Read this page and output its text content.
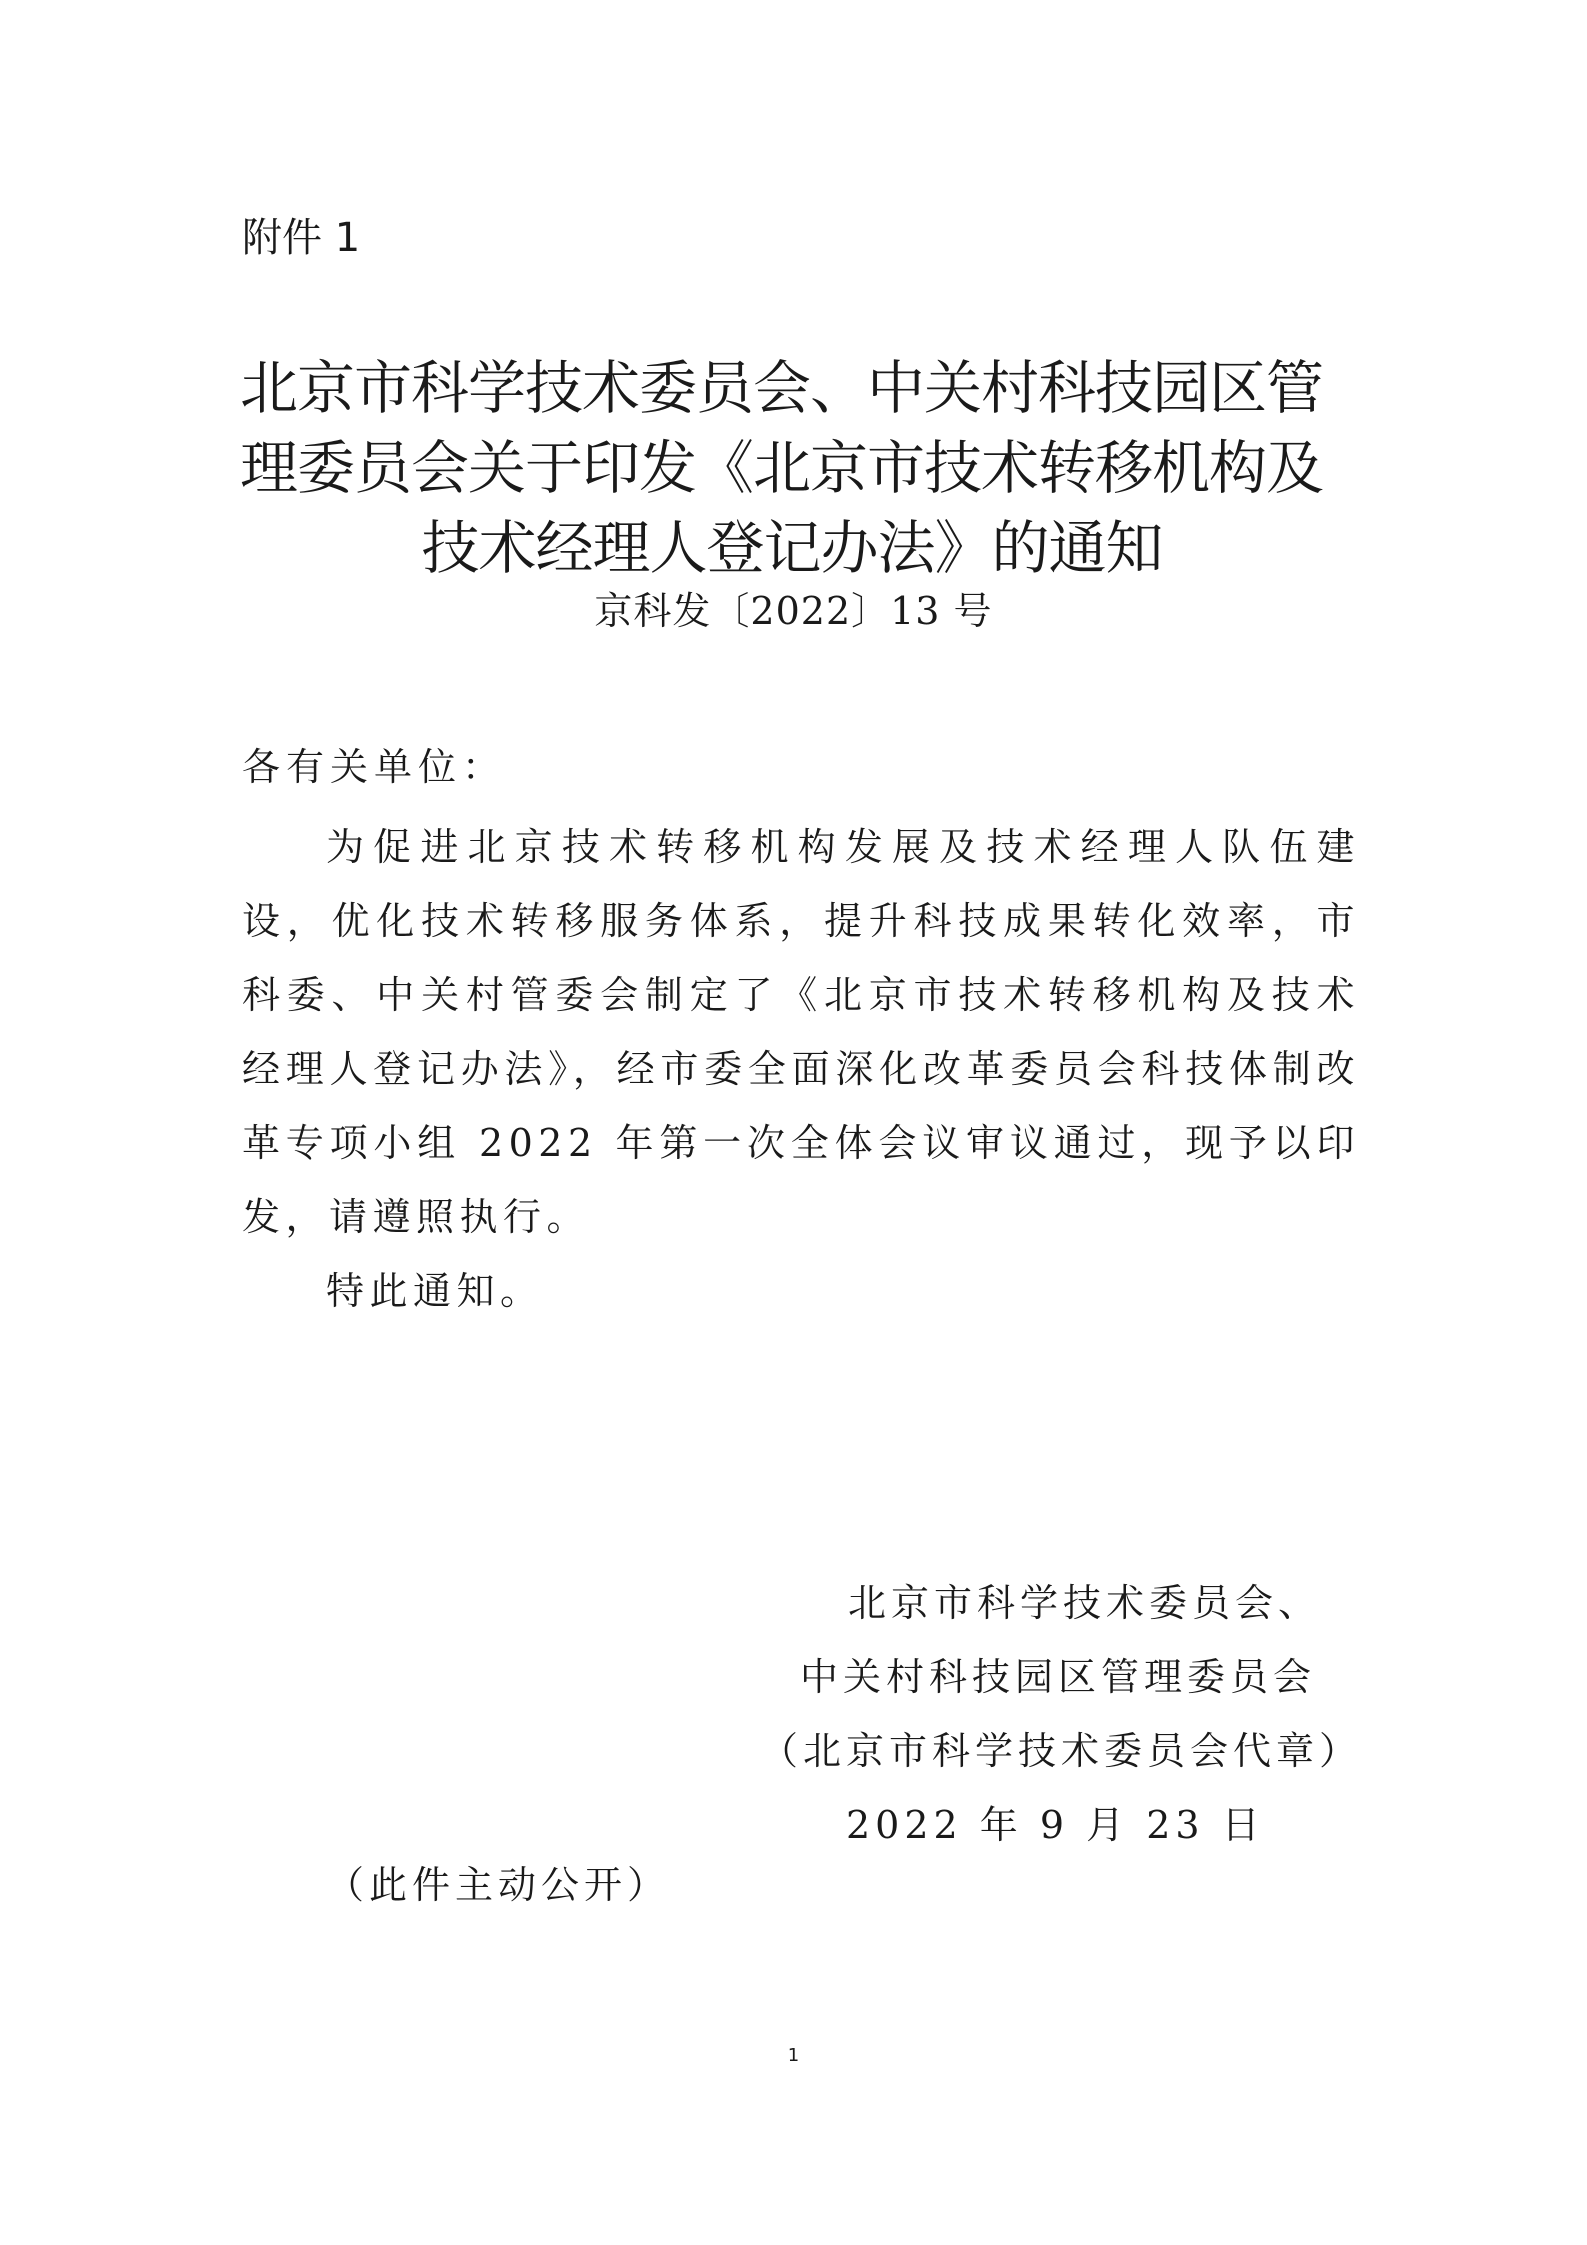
附件 1
北京市科学技术委员会、中关村科技园区管
理委员会关于印发《北京市技术转移机构及
技术经理人登记办法》的通知
京科发〔2022〕13 号
各有关单位：

为促进北京技术转移机构发展及技术经理人队伍建设，优化技术转移服务体系，提升科技成果转化效率，市科委、中关村管委会制定了《北京市技术转移机构及技术经理人登记办法》，经市委全面深化改革委员会科技体制改革专项小组 2022 年第一次全体会议审议通过，现予以印发，请遵照执行。

特此通知。

北京市科学技术委员会、
中关村科技园区管理委员会
（北京市科学技术委员会代章）
2022 年 9 月 23 日
（此件主动公开）
1
